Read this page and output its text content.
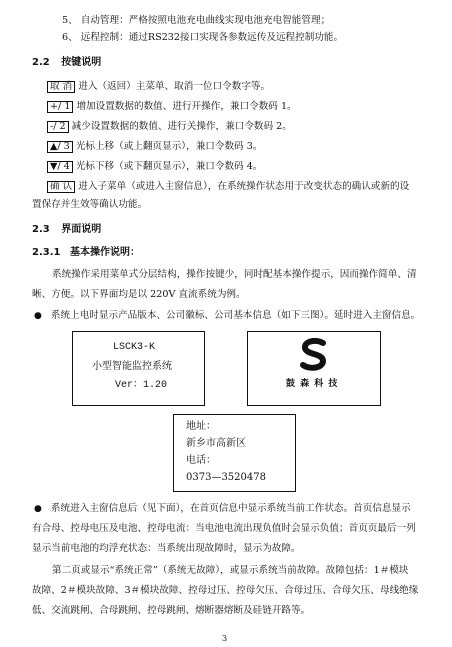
5、 自动管理：严格按照电池充电曲线实现电池充电智能管理；
6、 远程控制：通过RS232接口实现各参数远传及远程控制功能。
2.2 按键说明
取 消 进入（返回）主菜单、取消一位口令数字等。
+/ 1 增加设置数据的数值、进行开操作，兼口令数码 1。
-/ 2 减少设置数据的数值、进行关操作，兼口令数码 2。
▲/ 3 光标上移（或上翻页显示），兼口令数码 3。
▼/ 4 光标下移（或下翻页显示），兼口令数码 4。
确 认 进入子菜单（或进入主窗信息），在系统操作状态用于改变状态的确认或新的设
置保存并生效等确认功能。
2.3 界面说明
2.3.1 基本操作说明：
系统操作采用菜单式分层结构，操作按键少，同时配基本操作提示，因而操作简单、清
晰、方便。以下界面均是以 220V 直流系统为例。
● 系统上电时显示产品版本、公司徽标、公司基本信息（如下三图）。延时进入主窗信息。
LSCK3-K
小型智能监控系统
Ver：1.20	鼓 森 科 技
地址：
新乡市高新区
电话：
0373—3520478
● 系统进入主窗信息后（见下面），在首页信息中显示系统当前工作状态。首页信息显示
有合母、控母电压及电池、控母电流：当电池电流出现负值时会显示负值；首页页最后一列
显示当前电池的均浮充状态：当系统出现故障时，显示为故障。
第二页或显示“系统正常”（系统无故障），或显示系统当前故障。故障包括：1＃模块
故障、2＃模块故障、3＃模块故障、控母过压、控母欠压、合母过压、合母欠压、母线绝缘
低、交流跳闸、合母跳闸、控母跳闸、熔断器熔断及硅链开路等。
3
